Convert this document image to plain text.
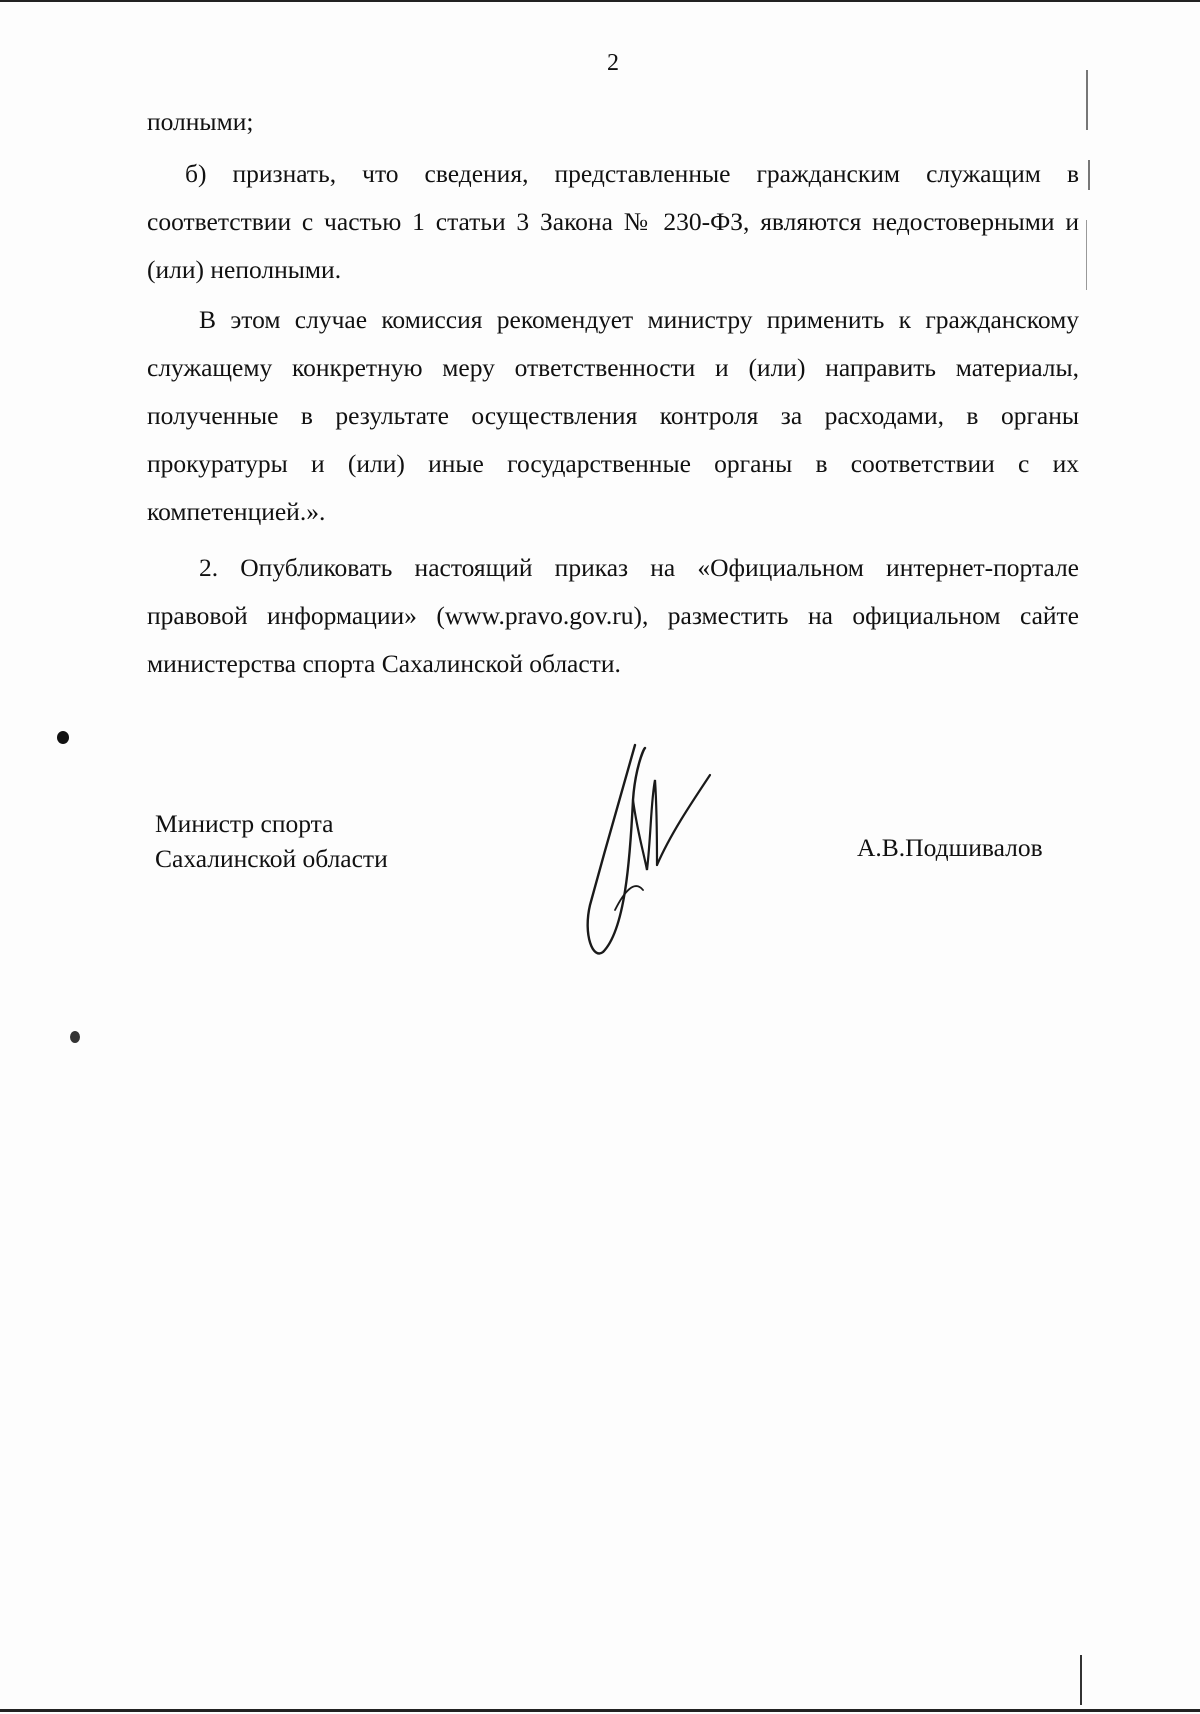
2

полными;

б) признать, что сведения, представленные гражданским служащим в соответствии с частью 1 статьи 3 Закона № 230-ФЗ, являются недостоверными и (или) неполными.

В этом случае комиссия рекомендует министру применить к гражданскому служащему конкретную меру ответственности и (или) направить материалы, полученные в результате осуществления контроля за расходами, в органы прокуратуры и (или) иные государственные органы в соответствии с их компетенцией.».

2. Опубликовать настоящий приказ на «Официальном интернет-портале правовой информации» (www.pravo.gov.ru), разместить на официальном сайте министерства спорта Сахалинской области.

Министр спорта
Сахалинской области	А.В.Подшивалов
